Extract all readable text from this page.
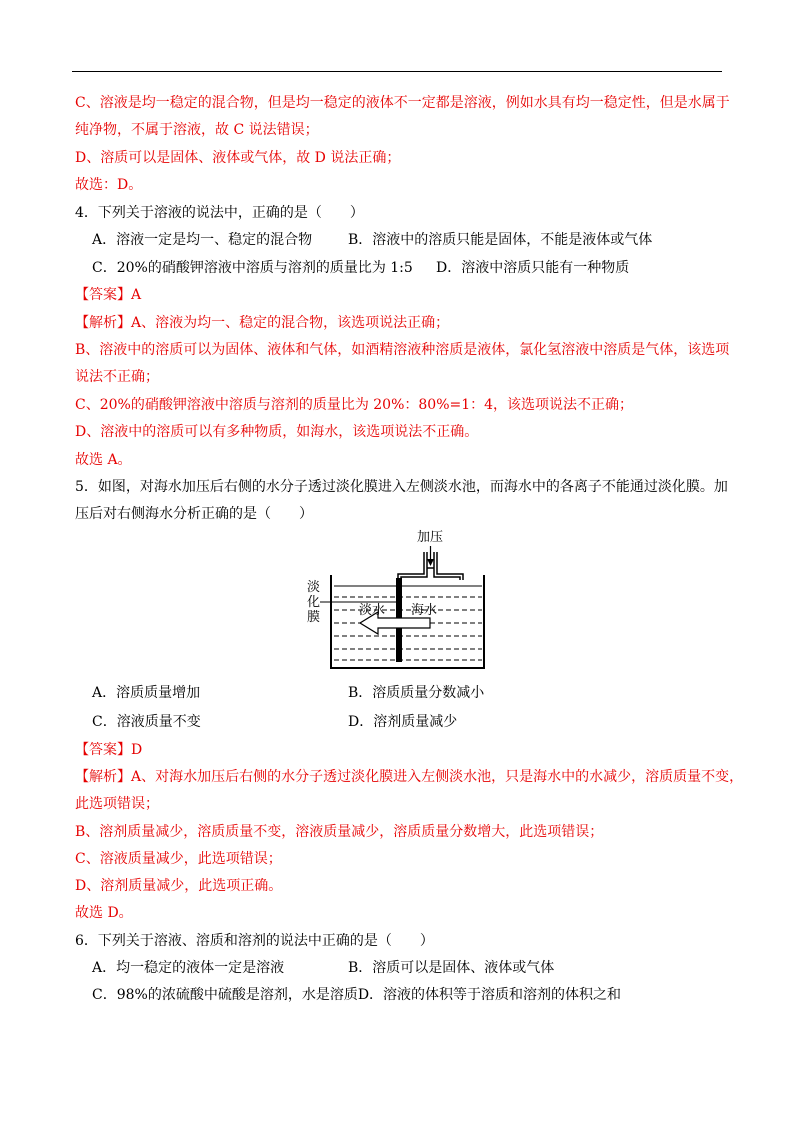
C、溶液是均一稳定的混合物，但是均一稳定的液体不一定都是溶液，例如水具有均一稳定性，但是水属于
纯净物，不属于溶液，故 C 说法错误；
D、溶质可以是固体、液体或气体，故 D 说法正确；
故选：D。
4．下列关于溶液的说法中，正确的是（　　）
A．溶液一定是均一、稳定的混合物	B．溶液中的溶质只能是固体，不能是液体或气体
C．20%的硝酸钾溶液中溶质与溶剂的质量比为 1:5 D．溶液中溶质只能有一种物质
【答案】A
【解析】A、溶液为均一、稳定的混合物，该选项说法正确；
B、溶液中的溶质可以为固体、液体和气体，如酒精溶液种溶质是液体，氯化氢溶液中溶质是气体，该选项
说法不正确；
C、20%的硝酸钾溶液中溶质与溶剂的质量比为 20%：80%=1：4，该选项说法不正确；
D、溶液中的溶质可以有多种物质，如海水，该选项说法不正确。
故选 A。
5．如图，对海水加压后右侧的水分子透过淡化膜进入左侧淡水池，而海水中的各离子不能通过淡化膜。加
压后对右侧海水分析正确的是（　　）
加压
淡
化
膜	淡水 海水
A．溶质质量增加	B．溶质质量分数减小
C．溶液质量不变	D．溶剂质量减少
【答案】D
【解析】A、对海水加压后右侧的水分子透过淡化膜进入左侧淡水池，只是海水中的水减少，溶质质量不变，
此选项错误；
B、溶剂质量减少，溶质质量不变，溶液质量减少，溶质质量分数增大，此选项错误；
C、溶液质量减少，此选项错误；
D、溶剂质量减少，此选项正确。
故选 D。
6．下列关于溶液、溶质和溶剂的说法中正确的是（　　）
A．均一稳定的液体一定是溶液	B．溶质可以是固体、液体或气体
C．98%的浓硫酸中硫酸是溶剂，水是溶质D．溶液的体积等于溶质和溶剂的体积之和
